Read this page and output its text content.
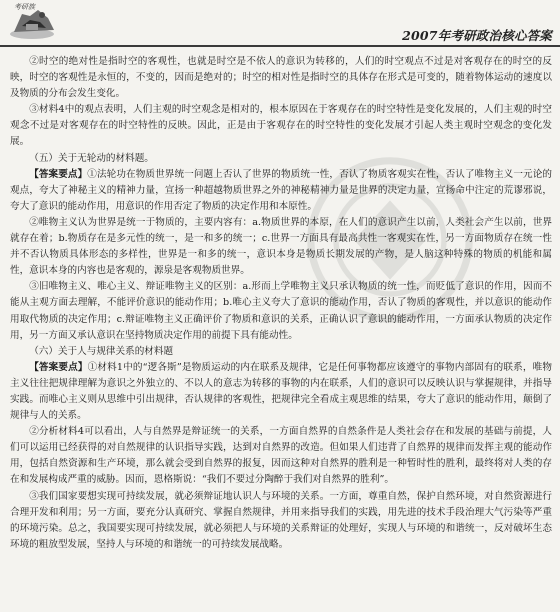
考研族
2007年考研政治核心答案

②时空的绝对性是指时空的客观性，也就是时空是不依人的意识为转移的，人们的时空观点不过是对客观存在的时空的反映，时空的客观性是永恒的，不变的，因而是绝对的；时空的相对性是指时空的具体存在形式是可变的，随着物体运动的速度以及物质的分布会发生变化。

③材料4中的观点表明，人们主观的时空观念是相对的，根本原因在于客观存在的时空特性是变化发展的，人们主观的时空观念不过是对客观存在的时空特性的反映。因此，正是由于客观存在的时空特性的变化发展才引起人类主观时空观念的变化发展。

（五）关于无轮动的材料题。

【答案要点】①法轮功在物质世界统一问题上否认了世界的物质统一性，否认了物质客观实在性，否认了唯物主义一元论的观点，夸大了神秘主义的精神力量，宣扬一种超越物质世界之外的神秘精神力量是世界的决定力量，宣扬命中注定的荒谬邪说，夸大了意识的能动作用，用意识的作用否定了物质的决定作用和本原性。

②唯物主义认为世界是统一于物质的，主要内容有：a.物质世界的本原，在人们的意识产生以前，人类社会产生以前，世界就存在着；b.物质存在是多元性的统一，是一和多的统一；c.世界一方面具有最高共性一客观实在性，另一方面物质存在统一性并不否认物质具体形态的多样性，世界是一和多的统一，意识本身是物质长期发展的产物，是人脑这种特殊的物质的机能和属性，意识本身的内容也是客观的，源泉是客观物质世界。

③旧唯物主义、唯心主义、辩证唯物主义的区别：a.形而上学唯物主义只承认物质的统一性，而贬低了意识的作用，因而不能从主观方面去理解，不能评价意识的能动作用；b.唯心主义夸大了意识的能动作用，否认了物质的客观性，并以意识的能动作用取代物质的决定作用；c.辩证唯物主义正确评价了物质和意识的关系，正确认识了意识的能动作用，一方面承认物质的决定作用，另一方面又承认意识在坚持物质决定作用的前提下具有能动性。

（六）关于人与规律关系的材料题

【答案要点】①材料1中的“逻各斯”是物质运动的内在联系及规律，它是任何事物都应该遵守的事物内部固有的联系，唯物主义往往把规律理解为意识之外独立的、不以人的意志为转移的事物的内在联系，人们的意识可以反映认识与掌握规律，并指导实践。而唯心主义则从思维中引出规律，否认规律的客观性，把规律完全看成主观思维的结果，夸大了意识的能动作用，颠倒了规律与人的关系。

②分析材料4可以看出，人与自然界是辩证统一的关系，一方面自然界的自然条件是人类社会存在和发展的基础与前提，人们可以运用已经获得的对自然规律的认识指导实践，达到对自然界的改造。但如果人们违背了自然界的规律而发挥主观的能动作用，包括自然资源和生产环境，那么就会受到自然界的报复，因而这种对自然界的胜利是一种暂时性的胜利，最终将对人类的存在和发展构成严重的威胁。因而，恩格斯说：“我们不要过分陶醉于我们对自然界的胜利”。

③我们国家要想实现可持续发展，就必须辩证地认识人与环境的关系。一方面，尊重自然，保护自然环境，对自然资源进行合理开发和利用；另一方面，要充分认真研究、掌握自然规律，并用来指导我们的实践，用先进的技术手段治理大气污染等严重的环境污染。总之，我国要实现可持续发展，就必须把人与环境的关系辩证的处理好，实现人与环境的和谐统一，反对破坏生态环境的粗放型发展，坚持人与环境的和谐统一的可持续发展战略。
